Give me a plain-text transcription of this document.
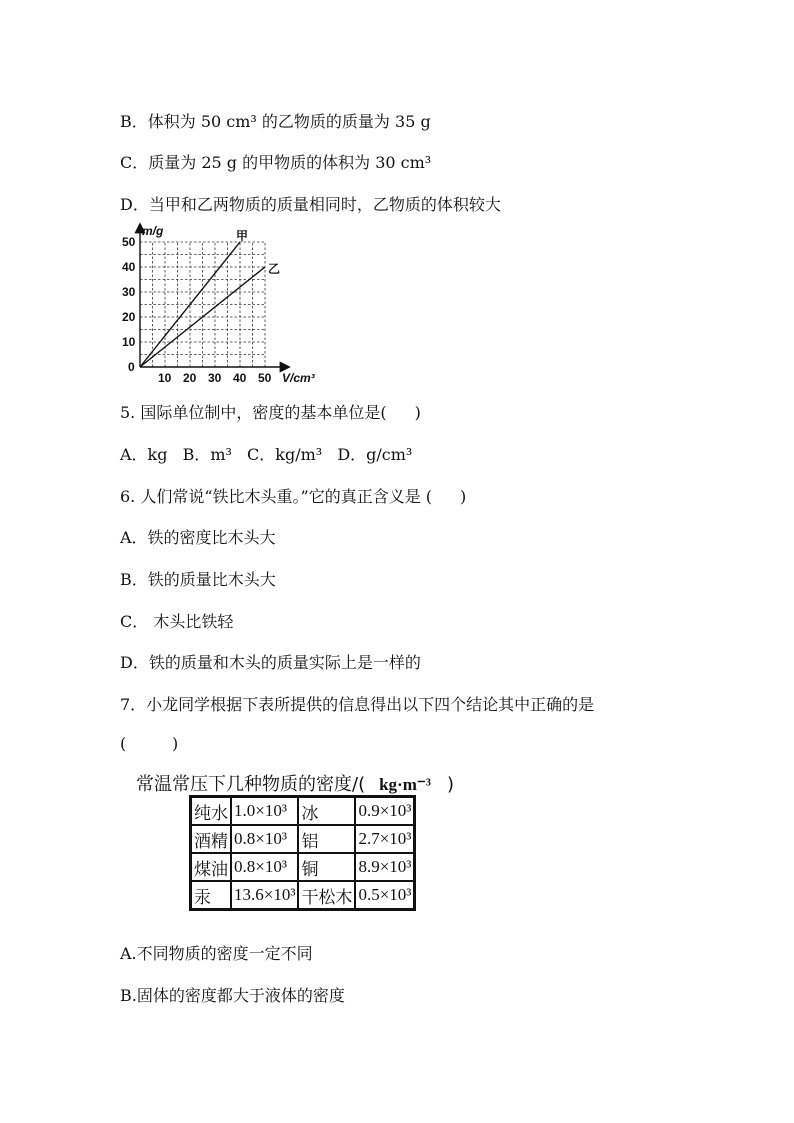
B．体积为 50 cm³ 的乙物质的质量为 35 g
C．质量为 25 g 的甲物质的体积为 30 cm³
D．当甲和乙两物质的质量相同时，乙物质的体积较大
甲
乙
10 20 30 40 50
0
10
20
30
40
50
m/g
V/cm³
5. 国际单位制中，密度的基本单位是( )
A．kg B．m³ C．kg/m³ D．g/cm³
6. 人们常说“铁比木头重。”它的真正含义是 ( )
A．铁的密度比木头大
B．铁的质量比木头大
C． 木头比铁轻
D．铁的质量和木头的质量实际上是一样的
7．小龙同学根据下表所提供的信息得出以下四个结论其中正确的是
(         )
常温常压下几种物质的密度/( kg·m⁻³ )
纯水	1.0×10³	冰	0.9×10³
酒精	0.8×10³	铝	2.7×10³
煤油	0.8×10³	铜	8.9×10³
汞	13.6×10³	干松木	0.5×10³
A.不同物质的密度一定不同
B.固体的密度都大于液体的密度
